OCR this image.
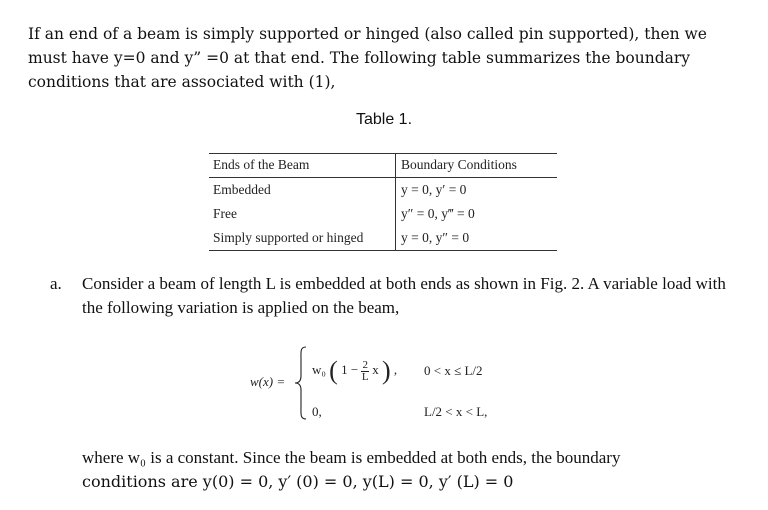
If an end of a beam is simply supported or hinged (also called pin supported), then we must have y=0 and y” =0 at that end. The following table summarizes the boundary conditions that are associated with (1),

Table 1.
Ends of the Beam	Boundary Conditions
Embedded	y = 0, y′ = 0
Free	y″ = 0, y‴ = 0
Simply supported or hinged	y = 0, y″ = 0
a. Consider a beam of length L is embedded at both ends as shown in Fig. 2. A variable load with the following variation is applied on the beam,
w(x) =
w₀ ( $1 - \frac{2}{L}$ x ) , 0 < x ≤ L/2
0,	L/2 < x < L,
where w₀ is a constant. Since the beam is embedded at both ends, the boundary
conditions are y(0) = 0, y′ (0) = 0, y(L) = 0, y′ (L) = 0
